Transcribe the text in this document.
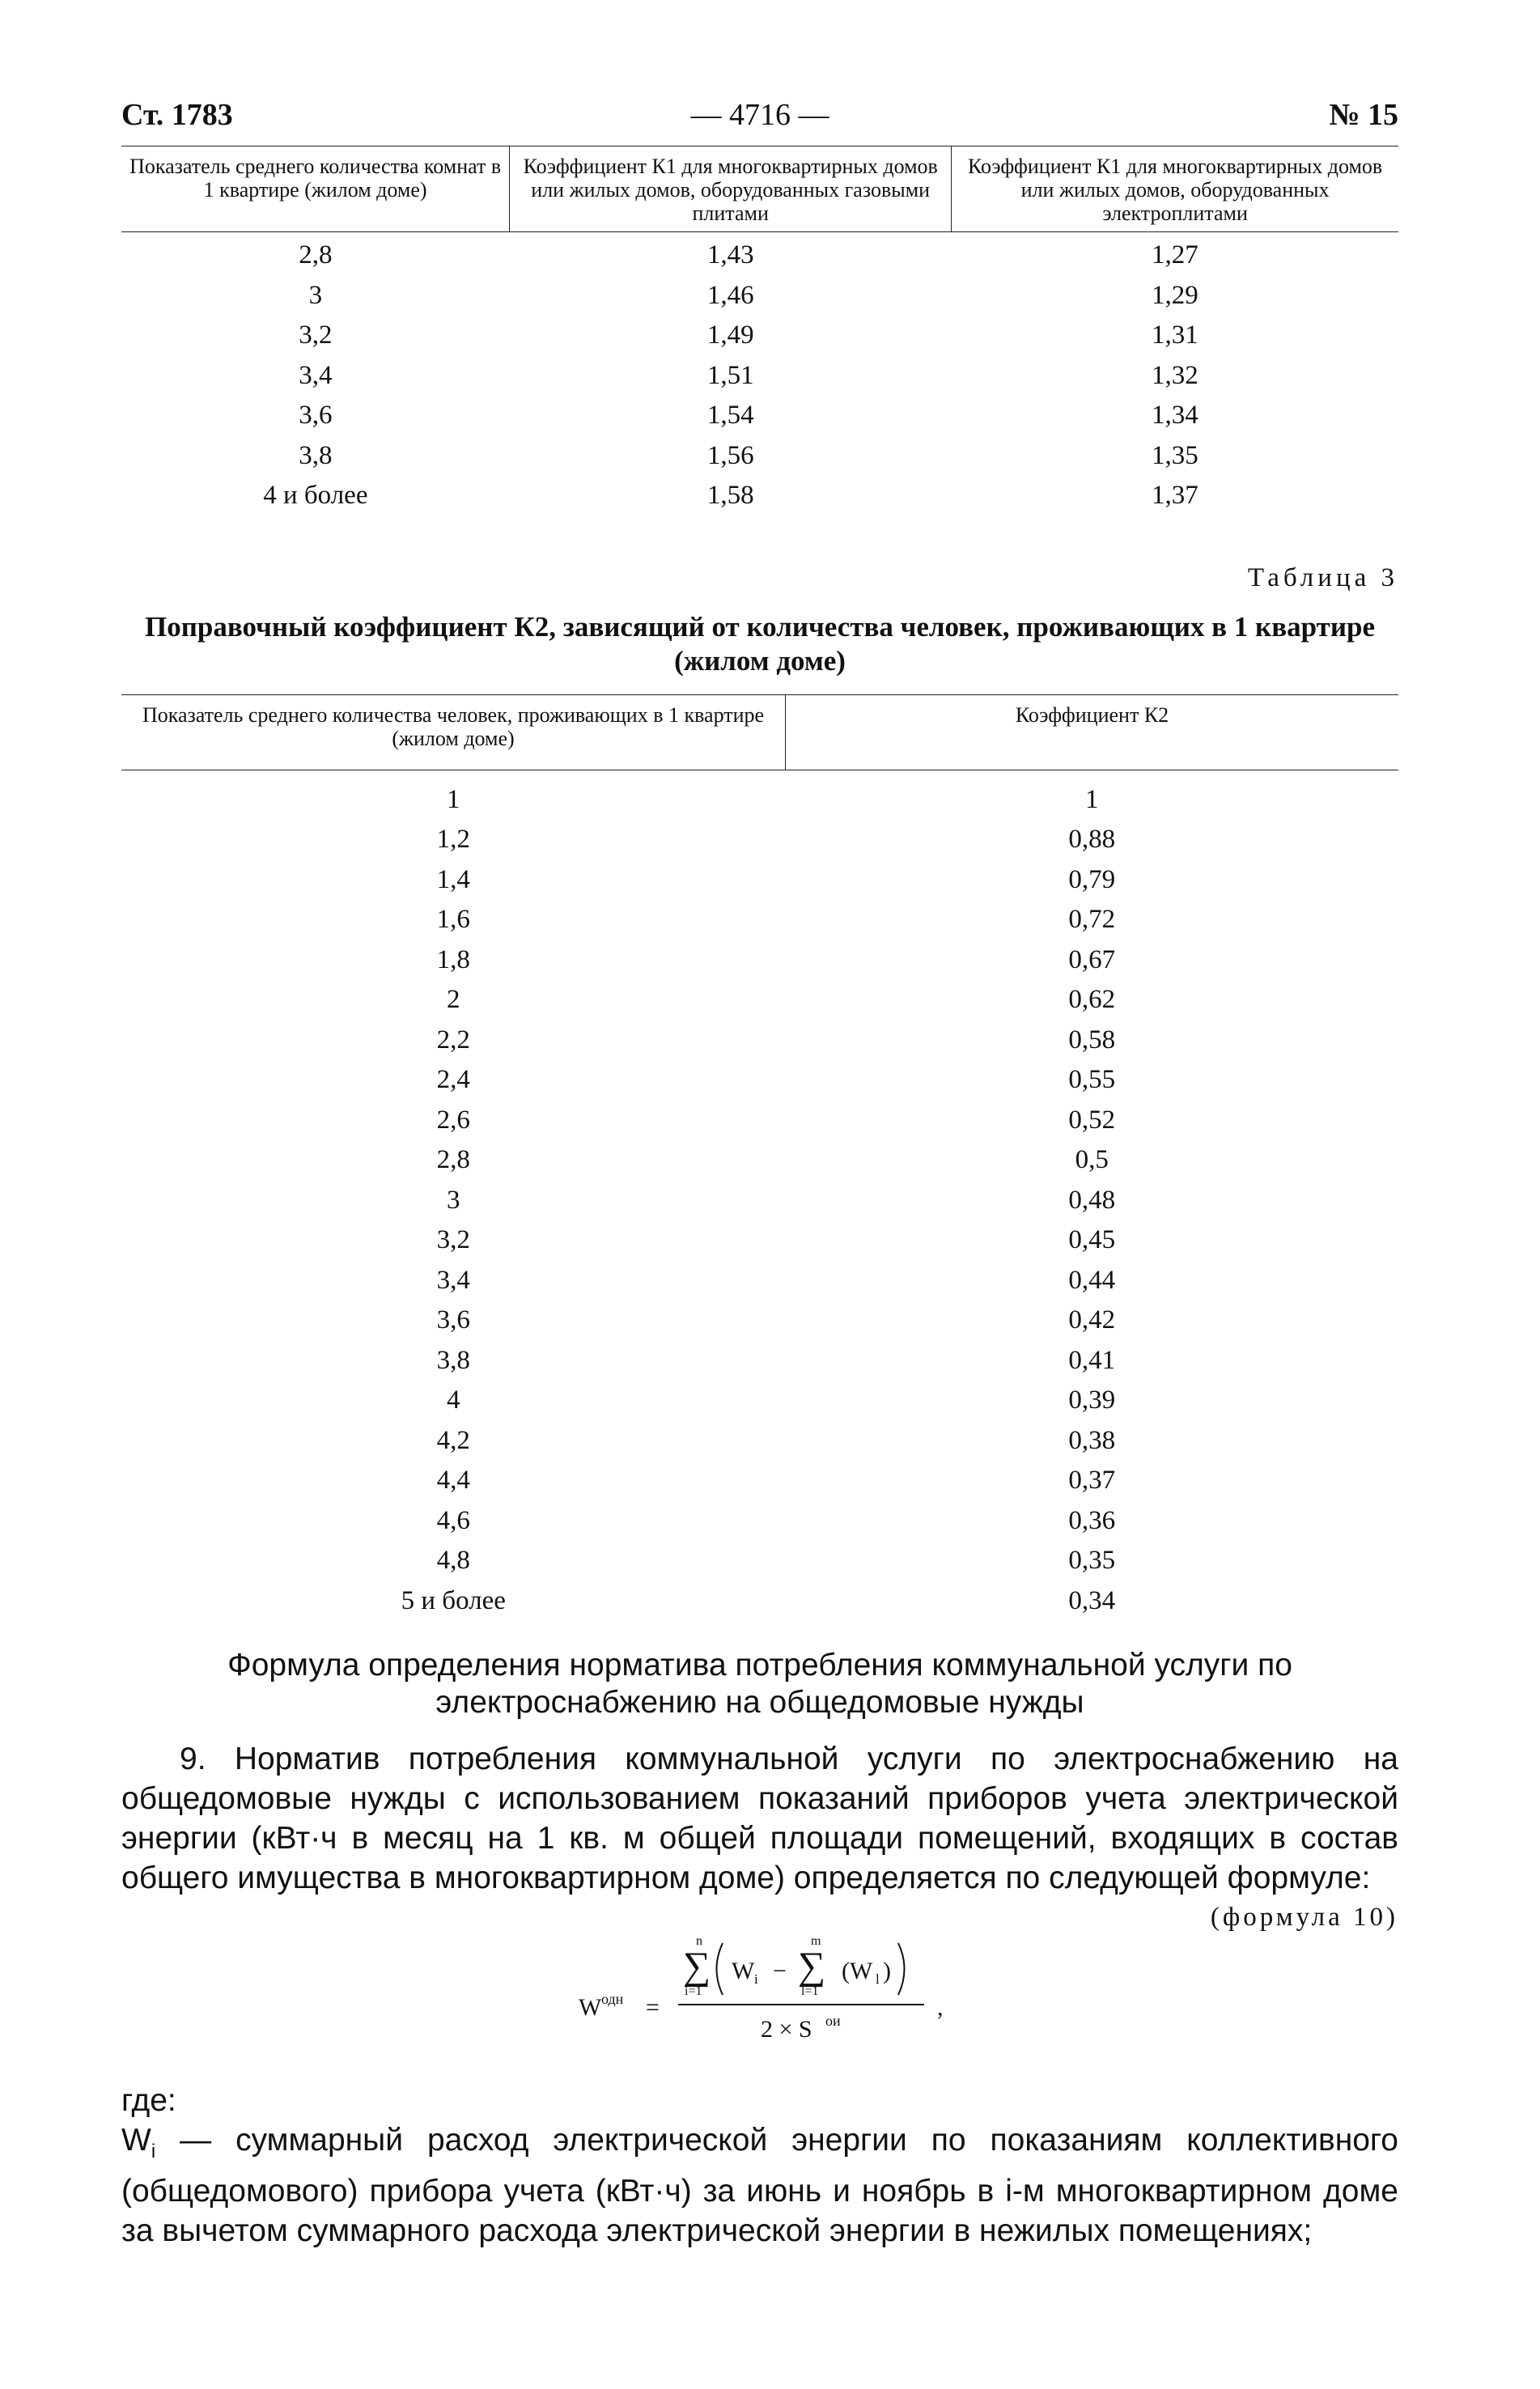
Ст. 1783	— 4716 —	№ 15
Показатель среднего количества комнат в 1 квартире (жилом доме)	Коэффициент К1 для многоквартирных домов или жилых домов, оборудованных газовыми плитами	Коэффициент К1 для многоквартирных домов или жилых домов, оборудованных электроплитами
2,8	1,43	1,27
3	1,46	1,29
3,2	1,49	1,31
3,4	1,51	1,32
3,6	1,54	1,34
3,8	1,56	1,35
4 и более	1,58	1,37
Таблица 3
Поправочный коэффициент К2, зависящий от количества человек, проживающих в 1 квартире (жилом доме)
Показатель среднего количества человек, проживающих в 1 квартире (жилом доме)	Коэффициент К2
1	1
1,2	0,88
1,4	0,79
1,6	0,72
1,8	0,67
2	0,62
2,2	0,58
2,4	0,55
2,6	0,52
2,8	0,5
3	0,48
3,2	0,45
3,4	0,44
3,6	0,42
3,8	0,41
4	0,39
4,2	0,38
4,4	0,37
4,6	0,36
4,8	0,35
5 и более	0,34
Формула определения норматива потребления коммунальной услуги по электроснабжению на общедомовые нужды
9. Норматив потребления коммунальной услуги по электроснабжению на общедомовые нужды с использованием показаний приборов учета электрической энергии (кВт·ч в месяц на 1 кв. м общей площади помещений, входящих в состав общего имущества в многоквартирном доме) определяется по следующей формуле:
(формула 10)
W одн =
n
∑
i=1
W i −
m
∑
l=1
(W l )
2 × S oи	,
где:
$W_i$ — суммарный расход электрической энергии по показаниям коллективного (общедомового) прибора учета (кВт·ч) за июнь и ноябрь в i-м многоквартирном доме за вычетом суммарного расхода электрической энергии в нежилых помещениях;
